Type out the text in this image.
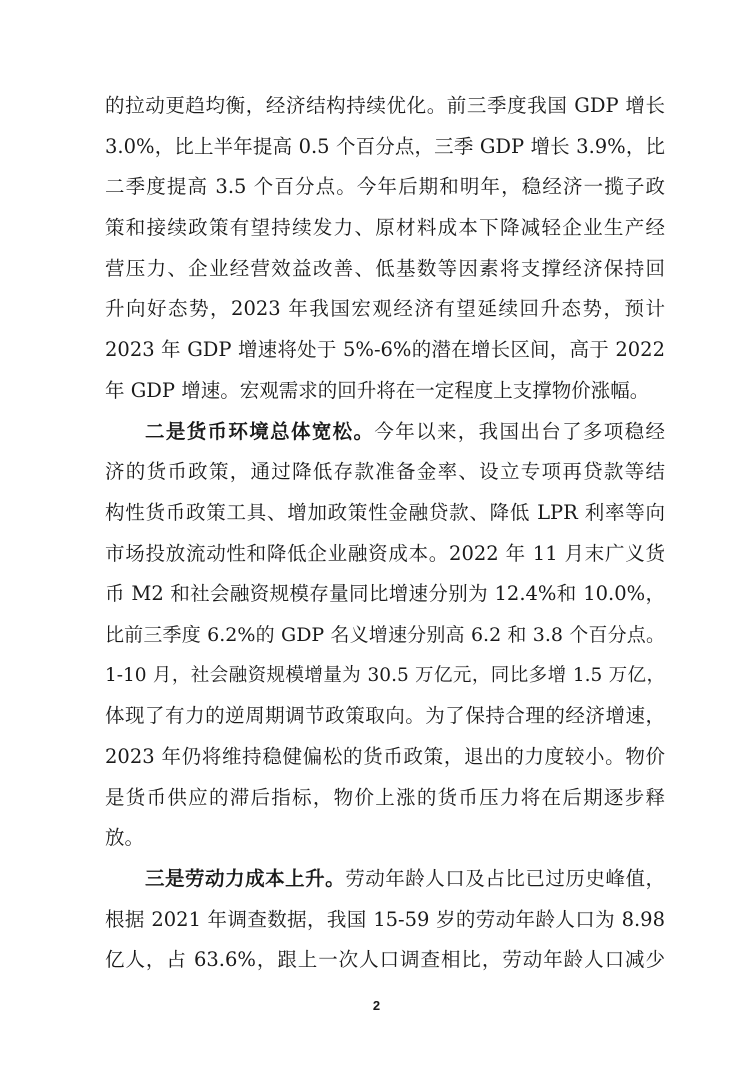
的拉动更趋均衡，经济结构持续优化。前三季度我国 GDP 增长
3.0%，比上半年提高 0.5 个百分点，三季 GDP 增长 3.9%，比
二季度提高 3.5 个百分点。今年后期和明年，稳经济一揽子政
策和接续政策有望持续发力、原材料成本下降减轻企业生产经
营压力、企业经营效益改善、低基数等因素将支撑经济保持回
升向好态势，2023 年我国宏观经济有望延续回升态势，预计
2023 年 GDP 增速将处于 5%-6%的潜在增长区间，高于 2022
年 GDP 增速。宏观需求的回升将在一定程度上支撑物价涨幅。
二是货币环境总体宽松。今年以来，我国出台了多项稳经
济的货币政策，通过降低存款准备金率、设立专项再贷款等结
构性货币政策工具、增加政策性金融贷款、降低 LPR 利率等向
市场投放流动性和降低企业融资成本。2022 年 11 月末广义货
币 M2 和社会融资规模存量同比增速分别为 12.4%和 10.0%，
比前三季度 6.2%的 GDP 名义增速分别高 6.2 和 3.8 个百分点。
1-10 月，社会融资规模增量为 30.5 万亿元，同比多增 1.5 万亿，
体现了有力的逆周期调节政策取向。为了保持合理的经济增速，
2023 年仍将维持稳健偏松的货币政策，退出的力度较小。物价
是货币供应的滞后指标，物价上涨的货币压力将在后期逐步释
放。
三是劳动力成本上升。劳动年龄人口及占比已过历史峰值，
根据 2021 年调查数据，我国 15-59 岁的劳动年龄人口为 8.98
亿人，占 63.6%，跟上一次人口调查相比，劳动年龄人口减少
2
